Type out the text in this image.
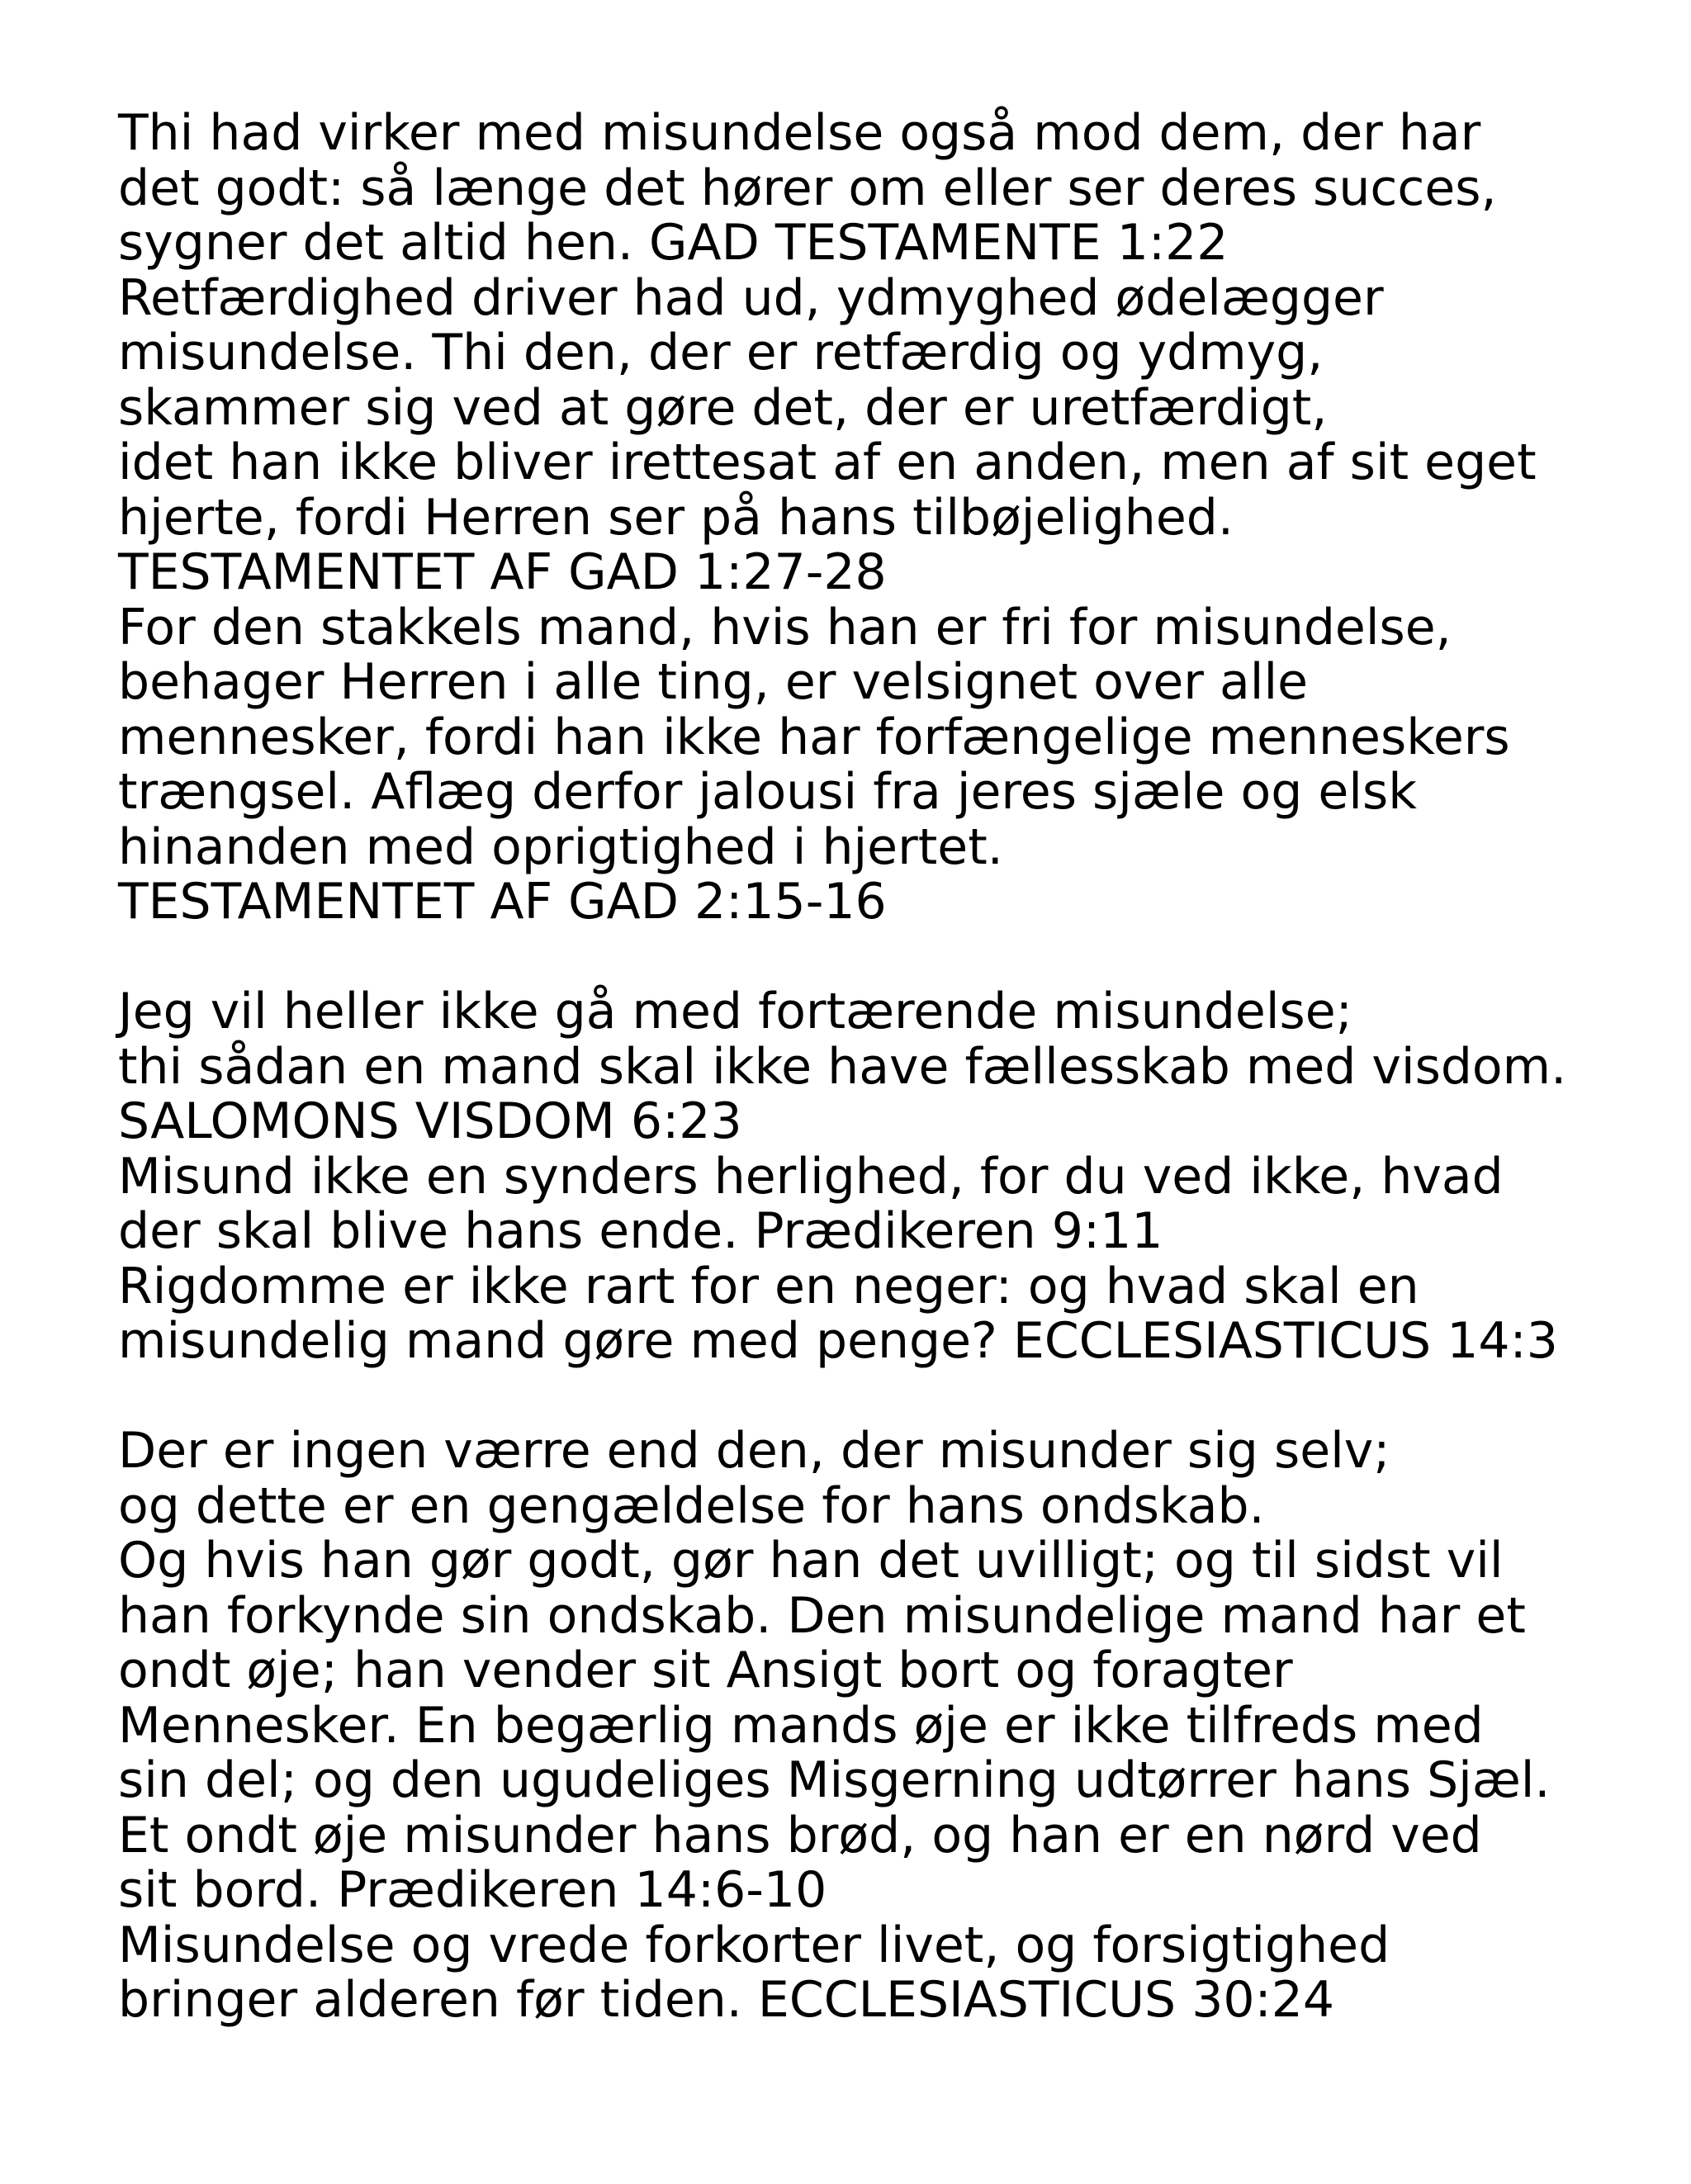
Thi had virker med misundelse også mod dem, der har
det godt: så længe det hører om eller ser deres succes,
sygner det altid hen. GAD TESTAMENTE 1:22
Retfærdighed driver had ud, ydmyghed ødelægger
misundelse. Thi den, der er retfærdig og ydmyg,
skammer sig ved at gøre det, der er uretfærdigt,
idet han ikke bliver irettesat af en anden, men af sit eget
hjerte, fordi Herren ser på hans tilbøjelighed.
TESTAMENTET AF GAD 1:27-28
For den stakkels mand, hvis han er fri for misundelse,
behager Herren i alle ting, er velsignet over alle
mennesker, fordi han ikke har forfængelige menneskers
trængsel. Aflæg derfor jalousi fra jeres sjæle og elsk
hinanden med oprigtighed i hjertet.
TESTAMENTET AF GAD 2:15-16
Jeg vil heller ikke gå med fortærende misundelse;
thi sådan en mand skal ikke have fællesskab med visdom.
SALOMONS VISDOM 6:23
Misund ikke en synders herlighed, for du ved ikke, hvad
der skal blive hans ende. Prædikeren 9:11
Rigdomme er ikke rart for en neger: og hvad skal en
misundelig mand gøre med penge? ECCLESIASTICUS 14:3
Der er ingen værre end den, der misunder sig selv;
og dette er en gengældelse for hans ondskab.
Og hvis han gør godt, gør han det uvilligt; og til sidst vil
han forkynde sin ondskab. Den misundelige mand har et
ondt øje; han vender sit Ansigt bort og foragter
Mennesker. En begærlig mands øje er ikke tilfreds med
sin del; og den ugudeliges Misgerning udtørrer hans Sjæl.
Et ondt øje misunder hans brød, og han er en nørd ved
sit bord. Prædikeren 14:6-10
Misundelse og vrede forkorter livet, og forsigtighed
bringer alderen før tiden. ECCLESIASTICUS 30:24
